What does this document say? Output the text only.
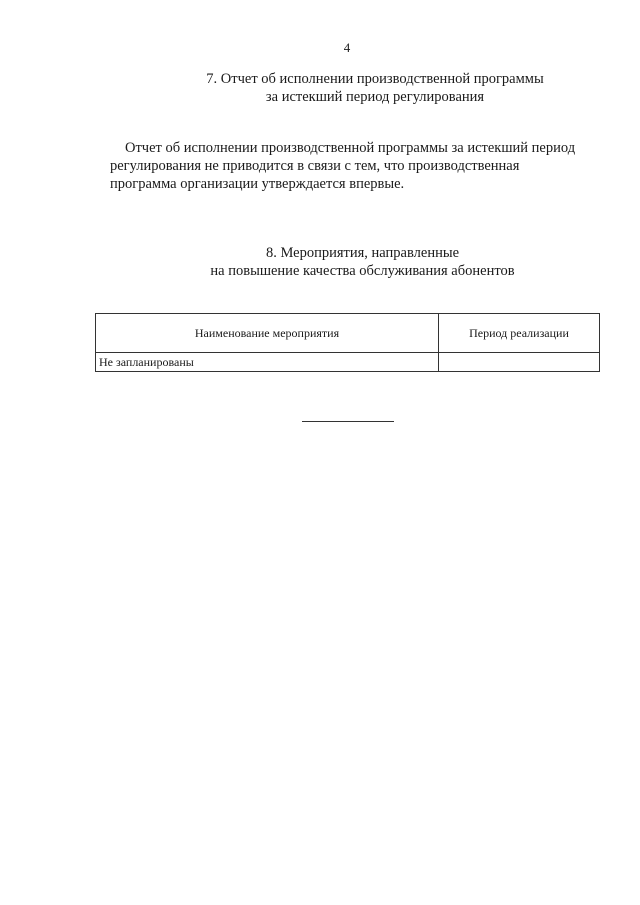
4
7. Отчет об исполнении производственной программы
за истекший период регулирования
Отчет об исполнении производственной программы за истекший период
регулирования не приводится в связи с тем, что производственная
программа организации утверждается впервые.
8. Мероприятия, направленные
на повышение качества обслуживания абонентов
Наименование мероприятия	Период реализации
Не запланированы	
